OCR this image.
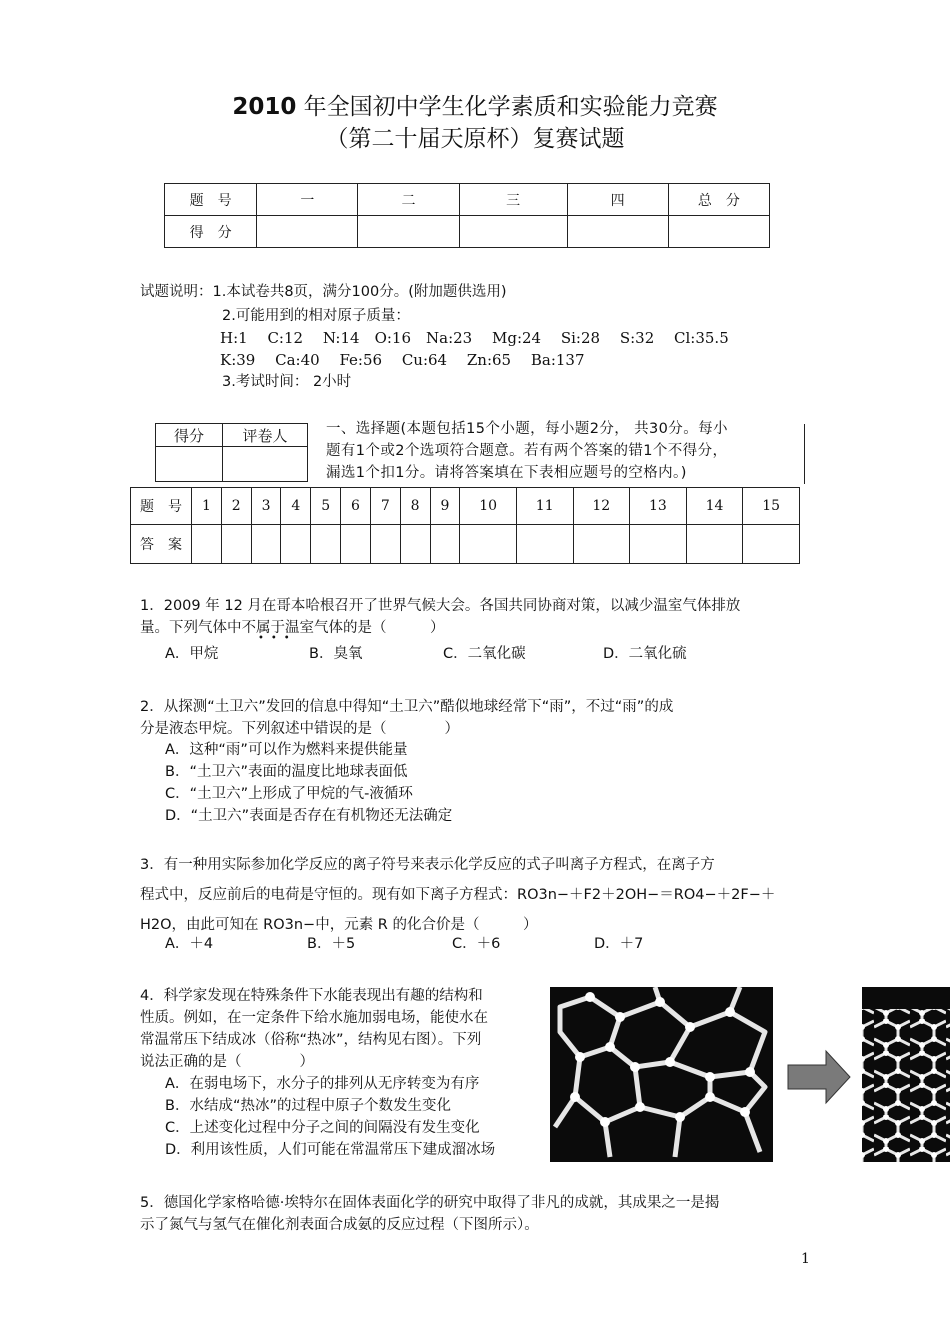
2010 年全国初中学生化学素质和实验能力竞赛
（第二十届天原杯）复赛试题
题　号	一	二	三	四	总　分
得　分					
试题说明：1.本试卷共8页，满分100分。(附加题供选用)
2.可能用到的相对原子质量：
H:1　 C:12　 N:14　O:16　Na:23　 Mg:24　 Si:28　 S:32　 Cl:35.5
K:39　 Ca:40　 Fe:56　 Cu:64　 Zn:65　 Ba:137
3.考试时间： 2小时
得分	评卷人
		一、选择题(本题包括15个小题，每小题2分， 共30分。每小
题有1个或2个选项符合题意。若有两个答案的错1个不得分，
漏选1个扣1分。请将答案填在下表相应题号的空格内。)
题　号	1	2	3	4	5	6	7	8	9	10	11	12	13	14	15
答　案															
1．2009 年 12 月在哥本哈根召开了世界气候大会。各国共同协商对策，以减少温室气体排放
量。下列气体中不属于温室气体的是（　　　）
•••
A．甲烷	B．臭氧	C．二氧化碳	D．二氧化硫
2．从探测“土卫六”发回的信息中得知“土卫六”酷似地球经常下“雨”，不过“雨”的成
分是液态甲烷。下列叙述中错误的是（　　　　）
A．这种“雨”可以作为燃料来提供能量
B．“土卫六”表面的温度比地球表面低
C．“土卫六”上形成了甲烷的气-液循环
D．“土卫六”表面是否存在有机物还无法确定
3．有一种用实际参加化学反应的离子符号来表示化学反应的式子叫离子方程式，在离子方
程式中，反应前后的电荷是守恒的。现有如下离子方程式：RO3n−＋F2＋2OH−＝RO4−＋2F−＋
H2O，由此可知在 RO3n−中，元素 R 的化合价是（　　　）
A．＋4	B．＋5	C．＋6	D．＋7
4．科学家发现在特殊条件下水能表现出有趣的结构和
性质。例如，在一定条件下给水施加弱电场，能使水在
常温常压下结成冰（俗称“热冰”，结构见右图）。下列
说法正确的是（　　　　）
A．在弱电场下，水分子的排列从无序转变为有序
B．水结成“热冰”的过程中原子个数发生变化
C．上述变化过程中分子之间的间隔没有发生变化
D．利用该性质，人们可能在常温常压下建成溜冰场
5．德国化学家格哈德·埃特尔在固体表面化学的研究中取得了非凡的成就，其成果之一是揭
示了氮气与氢气在催化剂表面合成氨的反应过程（下图所示）。
1
